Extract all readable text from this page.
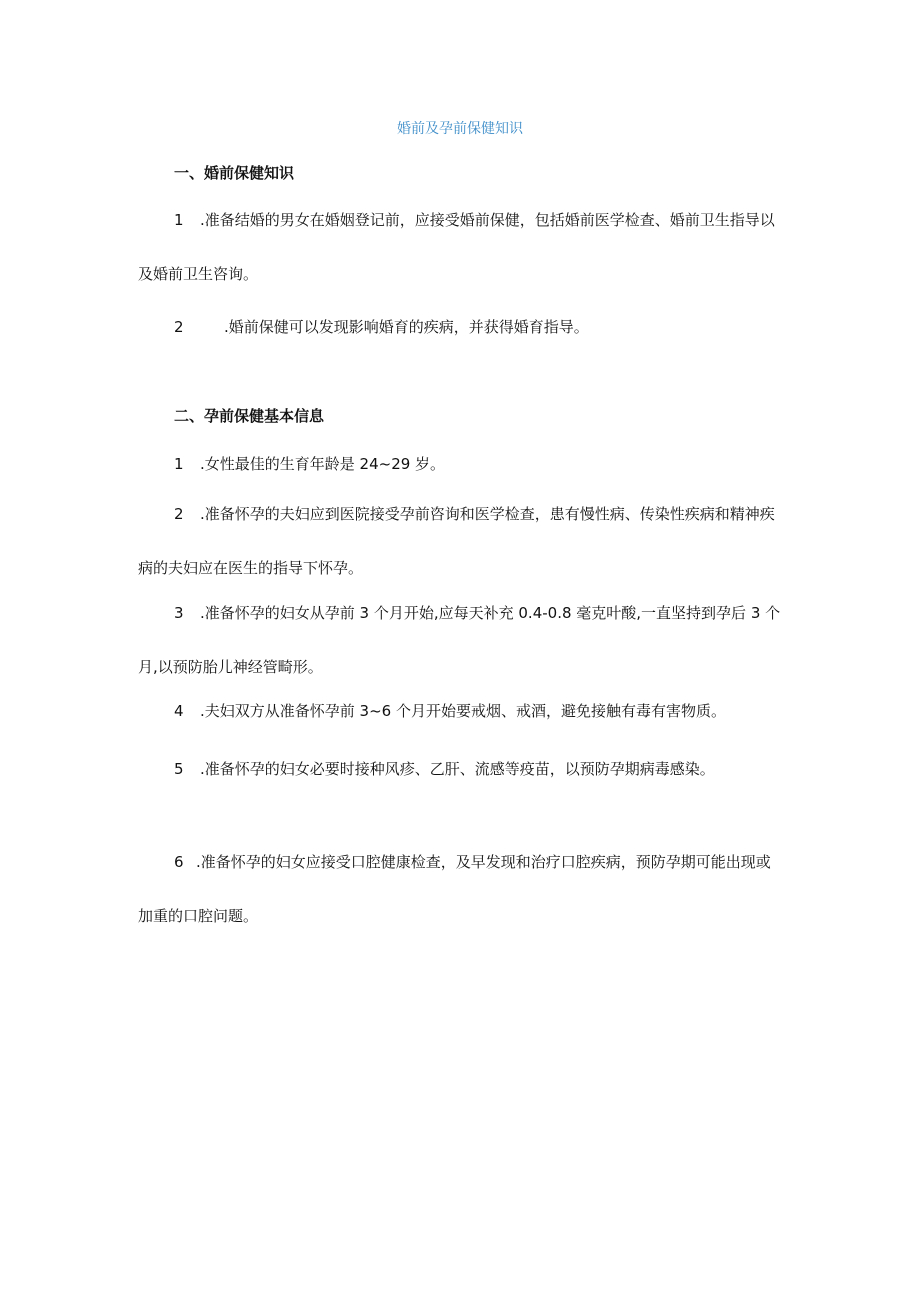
婚前及孕前保健知识
一、婚前保健知识
1 .准备结婚的男女在婚姻登记前，应接受婚前保健，包括婚前医学检查、婚前卫生指导以
及婚前卫生咨询。
2	.婚前保健可以发现影响婚育的疾病，并获得婚育指导。
二、孕前保健基本信息
1 .女性最佳的生育年龄是 24~29 岁。
2 .准备怀孕的夫妇应到医院接受孕前咨询和医学检查，患有慢性病、传染性疾病和精神疾
病的夫妇应在医生的指导下怀孕。
3 .准备怀孕的妇女从孕前 3 个月开始,应每天补充 0.4-0.8 毫克叶酸,一直坚持到孕后 3 个
月,以预防胎儿神经管畸形。
4 .夫妇双方从准备怀孕前 3~6 个月开始要戒烟、戒酒，避免接触有毒有害物质。
5 .准备怀孕的妇女必要时接种风疹、乙肝、流感等疫苗，以预防孕期病毒感染。
6 .准备怀孕的妇女应接受口腔健康检查，及早发现和治疗口腔疾病，预防孕期可能出现或
加重的口腔问题。
